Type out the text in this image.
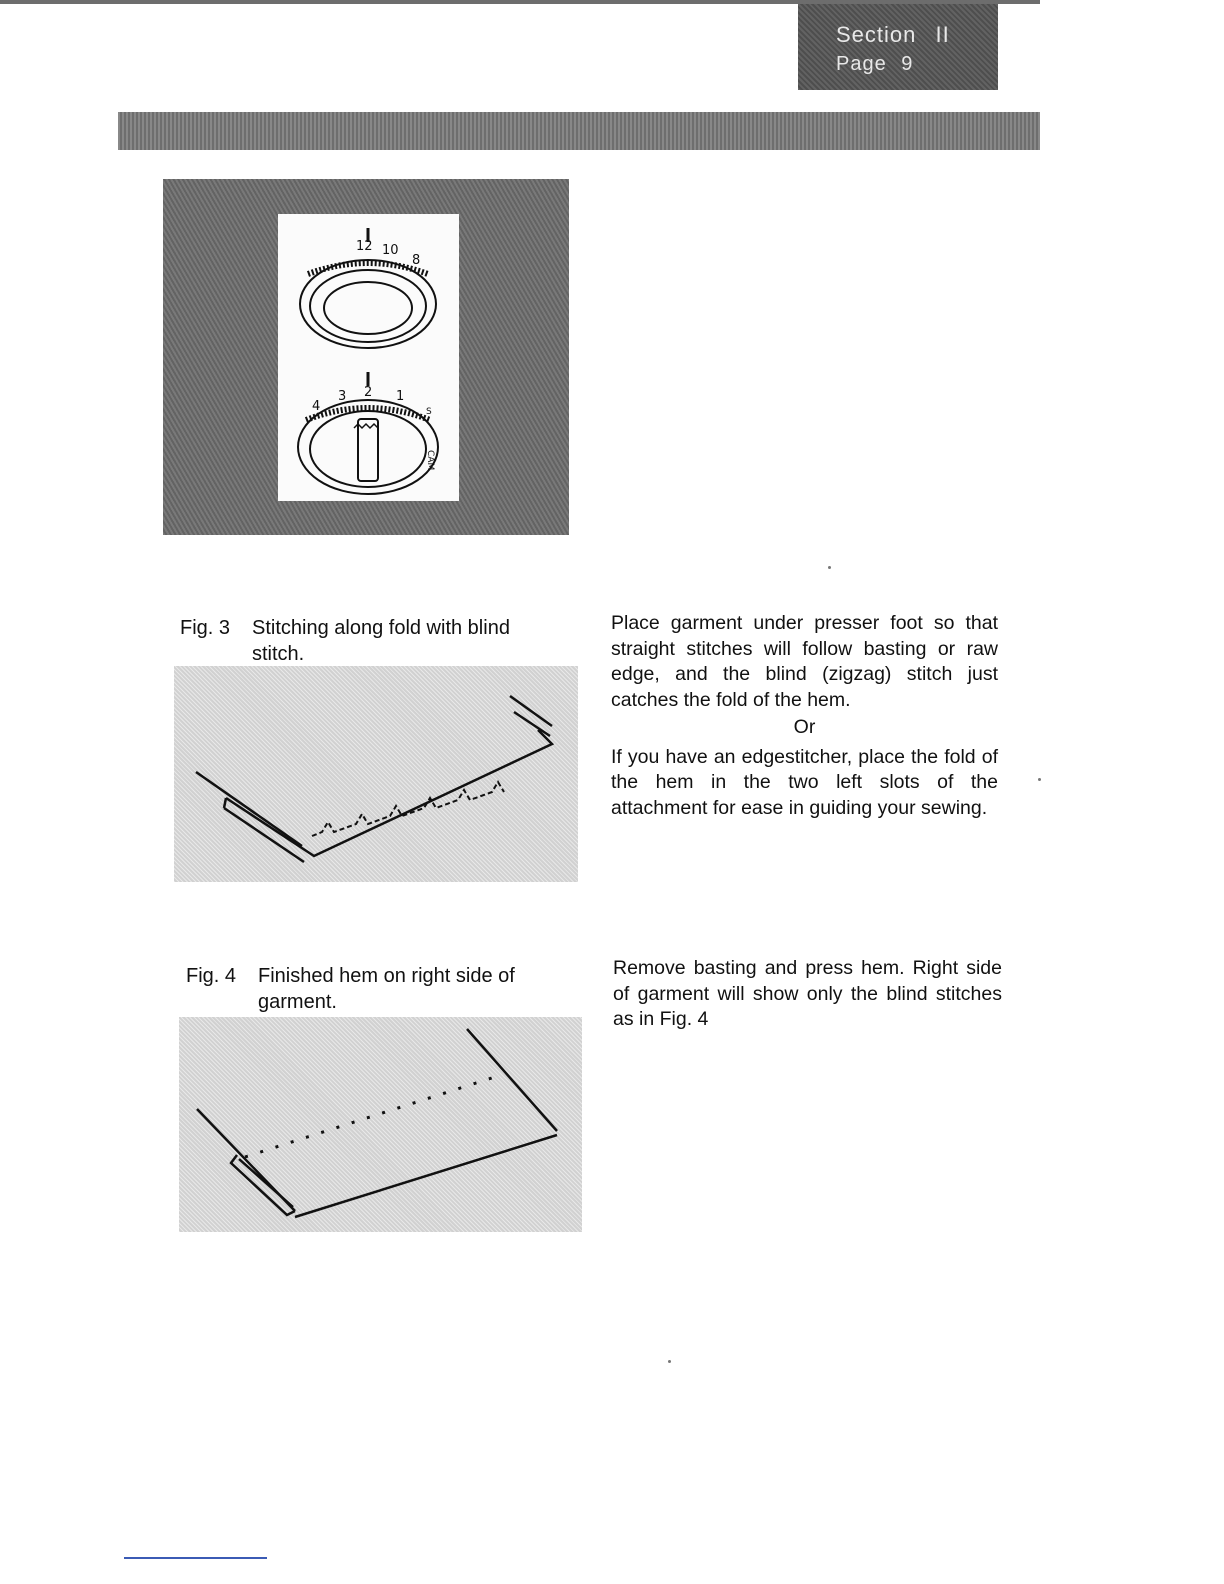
Section II
Page 9
12 10
8
4
3 2 1
S
CAM
Fig. 3 Stitching along fold with blind
stitch.
Place garment under presser foot so that straight stitches will follow basting or raw edge, and the blind (zigzag) stitch just catches the fold of the hem.
Or
If you have an edgestitcher, place the fold of the hem in the two left slots of the attachment for ease in guiding your sewing.
Fig. 4 Finished hem on right side of
garment.
Remove basting and press hem. Right side of garment will show only the blind stitches as in Fig. 4
